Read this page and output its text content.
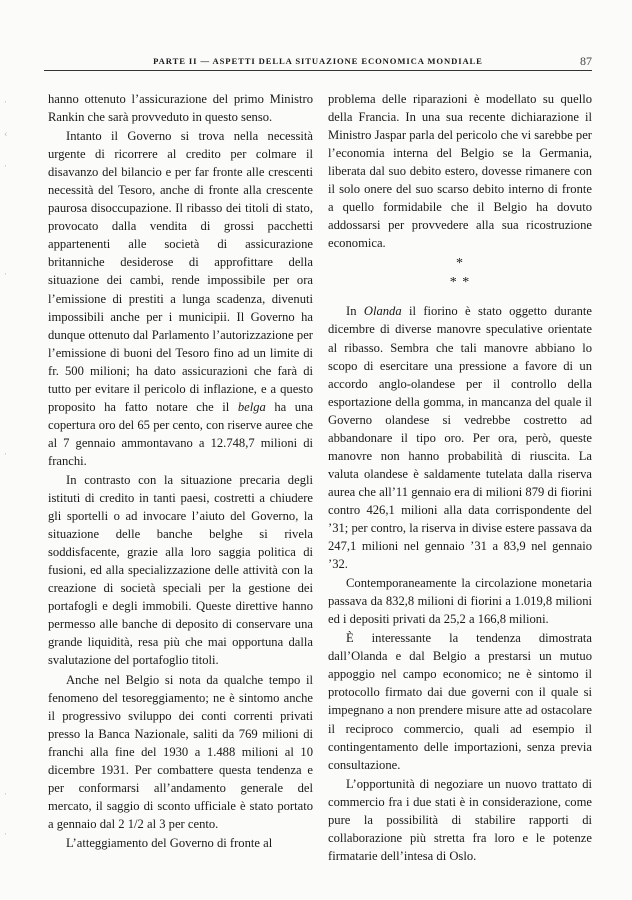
·
‹
·
·
·
·
·
PARTE II — ASPETTI DELLA SITUAZIONE ECONOMICA MONDIALE	87

hanno ottenuto l’assicurazione del primo Ministro Rankin che sarà provveduto in questo senso.

Intanto il Governo si trova nella necessità urgente di ricorrere al credito per colmare il disavanzo del bilancio e per far fronte alle crescenti necessità del Tesoro, anche di fronte alla crescente paurosa disoccupazione. Il ribasso dei titoli di stato, provocato dalla vendita di grossi pacchetti appartenenti alle società di assicurazione britanniche desiderose di approfittare della situazione dei cambi, rende impossibile per ora l’emissione di prestiti a lunga scadenza, divenuti impossibili anche per i municipii. Il Governo ha dunque ottenuto dal Parlamento l’autorizzazione per l’emissione di buoni del Tesoro fino ad un limite di fr. 500 milioni; ha dato assicurazioni che farà di tutto per evitare il pericolo di inflazione, e a questo proposito ha fatto notare che il belga ha una copertura oro del 65 per cento, con riserve auree che al 7 gennaio ammontavano a 12.748,7 milioni di franchi.

In contrasto con la situazione precaria degli istituti di credito in tanti paesi, costretti a chiudere gli sportelli o ad invocare l’aiuto del Governo, la situazione delle banche belghe si rivela soddisfacente, grazie alla loro saggia politica di fusioni, ed alla specializzazione delle attività con la creazione di società speciali per la gestione dei portafogli e degli immobili. Queste direttive hanno permesso alle banche di deposito di conservare una grande liquidità, resa più che mai opportuna dalla svalutazione del portafoglio titoli.

Anche nel Belgio si nota da qualche tempo il fenomeno del tesoreggiamento; ne è sintomo anche il progressivo sviluppo dei conti correnti privati presso la Banca Nazionale, saliti da 769 milioni di franchi alla fine del 1930 a 1.488 milioni al 10 dicembre 1931. Per combattere questa tendenza e per conformarsi all’andamento generale del mercato, il saggio di sconto ufficiale è stato portato a gennaio dal 2 1/2 al 3 per cento.

L’atteggiamento del Governo di fronte al

problema delle riparazioni è modellato su quello della Francia. In una sua recente dichiarazione il Ministro Jaspar parla del pericolo che vi sarebbe per l’economia interna del Belgio se la Germania, liberata dal suo debito estero, dovesse rimanere con il solo onere del suo scarso debito interno di fronte a quello formidabile che il Belgio ha dovuto addossarsi per provvedere alla sua ricostruzione economica.

*
* *

In Olanda il fiorino è stato oggetto durante dicembre di diverse manovre speculative orientate al ribasso. Sembra che tali manovre abbiano lo scopo di esercitare una pressione a favore di un accordo anglo-olandese per il controllo della esportazione della gomma, in mancanza del quale il Governo olandese si vedrebbe costretto ad abbandonare il tipo oro. Per ora, però, queste manovre non hanno probabilità di riuscita. La valuta olandese è saldamente tutelata dalla riserva aurea che all’11 gennaio era di milioni 879 di fiorini contro 426,1 milioni alla data corrispondente del ’31; per contro, la riserva in divise estere passava da 247,1 milioni nel gennaio ’31 a 83,9 nel gennaio ’32.

Contemporaneamente la circolazione monetaria passava da 832,8 milioni di fiorini a 1.019,8 milioni ed i depositi privati da 25,2 a 166,8 milioni.

È interessante la tendenza dimostrata dall’Olanda e dal Belgio a prestarsi un mutuo appoggio nel campo economico; ne è sintomo il protocollo firmato dai due governi con il quale si impegnano a non prendere misure atte ad ostacolare il reciproco commercio, quali ad esempio il contingentamento delle importazioni, senza previa consultazione.

L’opportunità di negoziare un nuovo trattato di commercio fra i due stati è in considerazione, come pure la possibilità di stabilire rapporti di collaborazione più stretta fra loro e le potenze firmatarie dell’intesa di Oslo.
